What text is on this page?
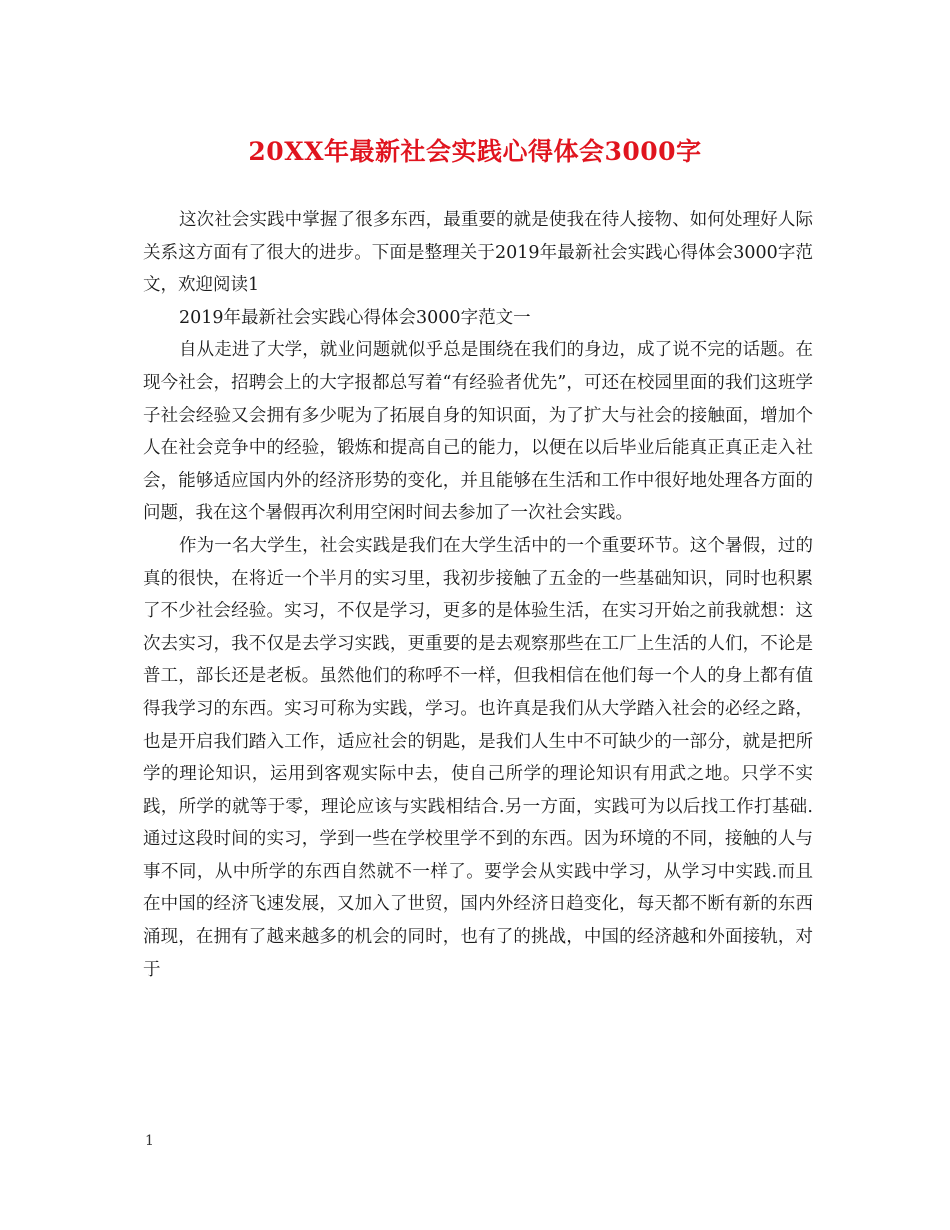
20XX年最新社会实践心得体会3000字

这次社会实践中掌握了很多东西，最重要的就是使我在待人接物、如何处理好人际关系这方面有了很大的进步。下面是整理关于2019年最新社会实践心得体会3000字范文，欢迎阅读1

2019年最新社会实践心得体会3000字范文一

自从走进了大学，就业问题就似乎总是围绕在我们的身边，成了说不完的话题。在现今社会，招聘会上的大字报都总写着“有经验者优先”，可还在校园里面的我们这班学子社会经验又会拥有多少呢为了拓展自身的知识面，为了扩大与社会的接触面，增加个人在社会竞争中的经验，锻炼和提高自己的能力，以便在以后毕业后能真正真正走入社会，能够适应国内外的经济形势的变化，并且能够在生活和工作中很好地处理各方面的问题，我在这个暑假再次利用空闲时间去参加了一次社会实践。

作为一名大学生，社会实践是我们在大学生活中的一个重要环节。这个暑假，过的真的很快，在将近一个半月的实习里，我初步接触了五金的一些基础知识，同时也积累了不少社会经验。实习，不仅是学习，更多的是体验生活，在实习开始之前我就想：这次去实习，我不仅是去学习实践，更重要的是去观察那些在工厂上生活的人们，不论是普工，部长还是老板。虽然他们的称呼不一样，但我相信在他们每一个人的身上都有值得我学习的东西。实习可称为实践，学习。也许真是我们从大学踏入社会的必经之路，也是开启我们踏入工作，适应社会的钥匙，是我们人生中不可缺少的一部分，就是把所学的理论知识，运用到客观实际中去，使自己所学的理论知识有用武之地。只学不实践，所学的就等于零，理论应该与实践相结合.另一方面，实践可为以后找工作打基础.通过这段时间的实习，学到一些在学校里学不到的东西。因为环境的不同，接触的人与事不同，从中所学的东西自然就不一样了。要学会从实践中学习，从学习中实践.而且在中国的经济飞速发展，又加入了世贸，国内外经济日趋变化，每天都不断有新的东西涌现，在拥有了越来越多的机会的同时，也有了的挑战，中国的经济越和外面接轨，对于

1
